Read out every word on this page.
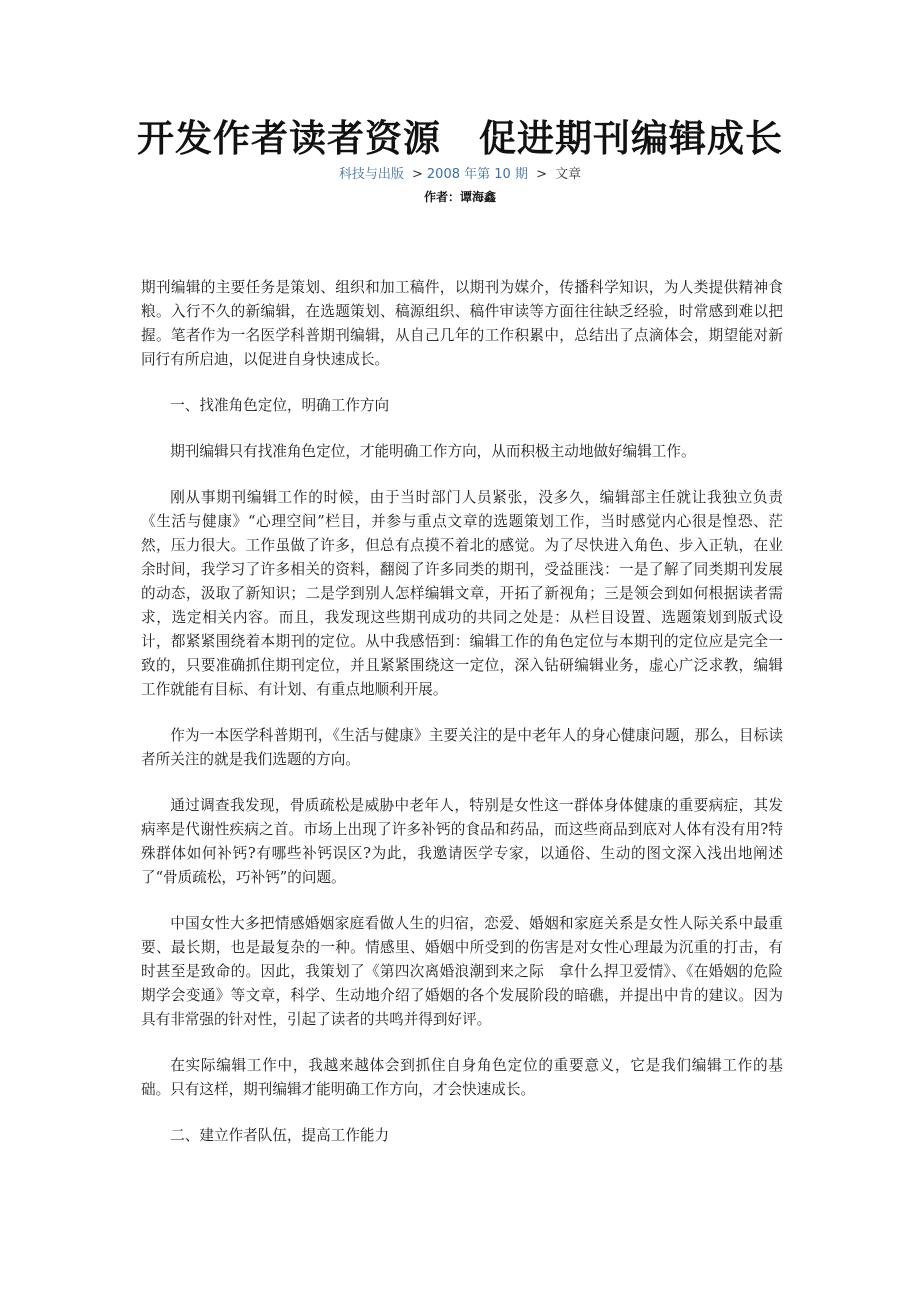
开发作者读者资源　促进期刊编辑成长
科技与出版 > 2008 年第 10 期 > 文章
作者：谭海鑫

期刊编辑的主要任务是策划、组织和加工稿件，以期刊为媒介，传播科学知识，为人类提供精神食粮。入行不久的新编辑，在选题策划、稿源组织、稿件审读等方面往往缺乏经验，时常感到难以把握。笔者作为一名医学科普期刊编辑，从自己几年的工作积累中，总结出了点滴体会，期望能对新同行有所启迪，以促进自身快速成长。

一、找准角色定位，明确工作方向

期刊编辑只有找准角色定位，才能明确工作方向，从而积极主动地做好编辑工作。

刚从事期刊编辑工作的时候，由于当时部门人员紧张，没多久，编辑部主任就让我独立负责《生活与健康》“心理空间”栏目，并参与重点文章的选题策划工作，当时感觉内心很是惶恐、茫然，压力很大。工作虽做了许多，但总有点摸不着北的感觉。为了尽快进入角色、步入正轨，在业余时间，我学习了许多相关的资料，翻阅了许多同类的期刊，受益匪浅：一是了解了同类期刊发展的动态，汲取了新知识；二是学到别人怎样编辑文章，开拓了新视角；三是领会到如何根据读者需求，选定相关内容。而且，我发现这些期刊成功的共同之处是：从栏目设置、选题策划到版式设计，都紧紧围绕着本期刊的定位。从中我感悟到：编辑工作的角色定位与本期刊的定位应是完全一致的，只要准确抓住期刊定位，并且紧紧围绕这一定位，深入钻研编辑业务，虚心广泛求教，编辑工作就能有目标、有计划、有重点地顺利开展。

作为一本医学科普期刊，《生活与健康》主要关注的是中老年人的身心健康问题，那么，目标读者所关注的就是我们选题的方向。

通过调查我发现，骨质疏松是威胁中老年人，特别是女性这一群体身体健康的重要病症，其发病率是代谢性疾病之首。市场上出现了许多补钙的食品和药品，而这些商品到底对人体有没有用?特殊群体如何补钙?有哪些补钙误区?为此，我邀请医学专家，以通俗、生动的图文深入浅出地阐述了“骨质疏松，巧补钙”的问题。

中国女性大多把情感婚姻家庭看做人生的归宿，恋爱、婚姻和家庭关系是女性人际关系中最重要、最长期，也是最复杂的一种。情感里、婚姻中所受到的伤害是对女性心理最为沉重的打击，有时甚至是致命的。因此，我策划了《第四次离婚浪潮到来之际　拿什么捍卫爱情》、《在婚姻的危险期学会变通》等文章，科学、生动地介绍了婚姻的各个发展阶段的暗礁，并提出中肯的建议。因为具有非常强的针对性，引起了读者的共鸣并得到好评。

在实际编辑工作中，我越来越体会到抓住自身角色定位的重要意义，它是我们编辑工作的基础。只有这样，期刊编辑才能明确工作方向，才会快速成长。

二、建立作者队伍，提高工作能力
